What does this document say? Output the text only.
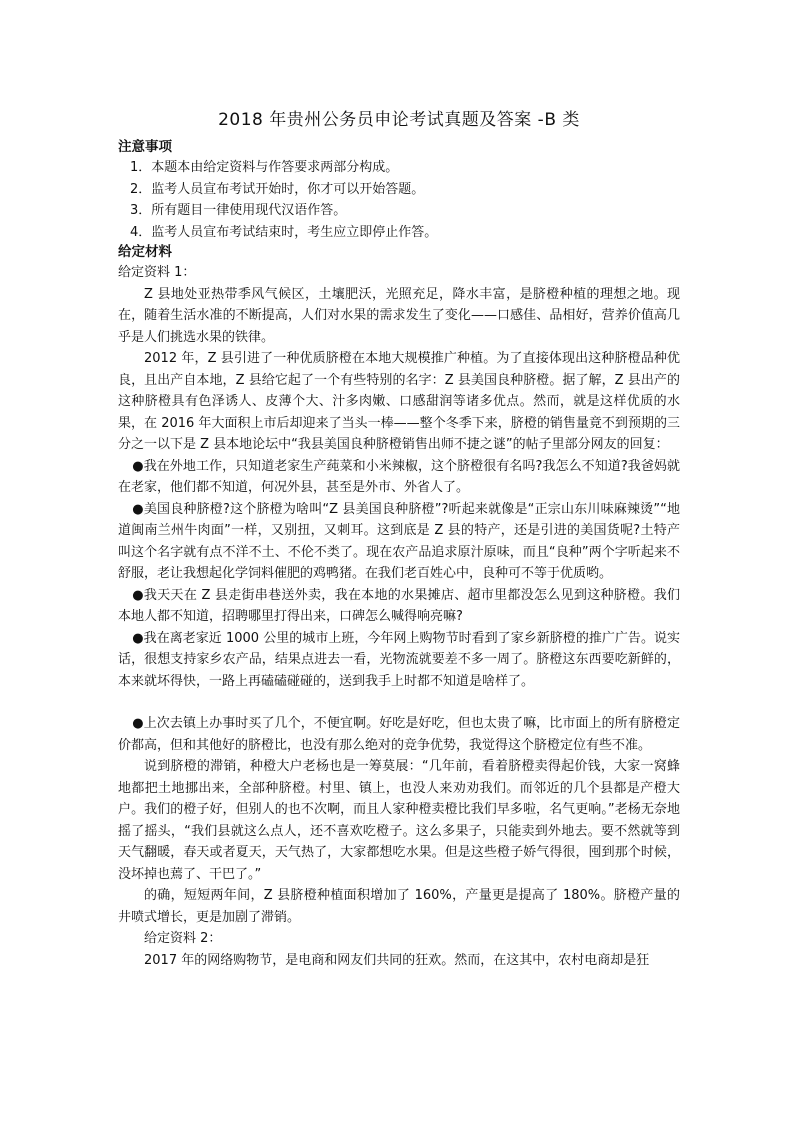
2018 年贵州公务员申论考试真题及答案 -B 类
注意事项
1．本题本由给定资料与作答要求两部分构成。
2．监考人员宣布考试开始时，你才可以开始答题。
3．所有题目一律使用现代汉语作答。
4．监考人员宣布考试结束时，考生应立即停止作答。
给定材料

给定资料 1：

Z 县地处亚热带季风气候区，土壤肥沃，光照充足，降水丰富，是脐橙种植的理想之地。现在，随着生活水准的不断提高，人们对水果的需求发生了变化——口感佳、品相好，营养价值高几乎是人们挑选水果的铁律。

2012 年，Z 县引进了一种优质脐橙在本地大规模推广种植。为了直接体现出这种脐橙品种优良，且出产自本地，Z 县给它起了一个有些特别的名字：Z 县美国良种脐橙。据了解，Z 县出产的这种脐橙具有色泽诱人、皮薄个大、汁多肉嫩、口感甜润等诸多优点。然而，就是这样优质的水果，在 2016 年大面积上市后却迎来了当头一棒——整个冬季下来，脐橙的销售量竟不到预期的三分之一以下是 Z 县本地论坛中“我县美国良种脐橙销售出师不捷之谜”的帖子里部分网友的回复：

●我在外地工作，只知道老家生产莼菜和小米辣椒，这个脐橙很有名吗?我怎么不知道?我爸妈就在老家，他们都不知道，何况外县，甚至是外市、外省人了。

●美国良种脐橙?这个脐橙为啥叫“Z 县美国良种脐橙”?听起来就像是“正宗山东川味麻辣烫”“地道闽南兰州牛肉面”一样，又别扭，又刺耳。这到底是 Z 县的特产，还是引进的美国货呢?土特产叫这个名字就有点不洋不土、不伦不类了。现在农产品追求原汁原味，而且“良种”两个字听起来不舒服，老让我想起化学饲料催肥的鸡鸭猪。在我们老百姓心中，良种可不等于优质哟。

●我天天在 Z 县走街串巷送外卖，我在本地的水果摊店、超市里都没怎么见到这种脐橙。我们本地人都不知道，招聘哪里打得出来，口碑怎么喊得响亮嘛?

●我在离老家近 1000 公里的城市上班，今年网上购物节时看到了家乡新脐橙的推广广告。说实话，很想支持家乡农产品，结果点进去一看，光物流就要差不多一周了。脐橙这东西要吃新鲜的，本来就坏得快，一路上再磕磕碰碰的，送到我手上时都不知道是啥样了。

●上次去镇上办事时买了几个，不便宜啊。好吃是好吃，但也太贵了嘛，比市面上的所有脐橙定价都高，但和其他好的脐橙比，也没有那么绝对的竞争优势，我觉得这个脐橙定位有些不准。

说到脐橙的滞销，种橙大户老杨也是一筹莫展：“几年前，看着脐橙卖得起价钱，大家一窝蜂地都把土地挪出来，全部种脐橙。村里、镇上，也没人来劝劝我们。而邻近的几个县都是产橙大户。我们的橙子好，但别人的也不次啊，而且人家种橙卖橙比我们早多啦，名气更响。”老杨无奈地摇了摇头，“我们县就这么点人，还不喜欢吃橙子。这么多果子，只能卖到外地去。要不然就等到天气翻暖，春天或者夏天，天气热了，大家都想吃水果。但是这些橙子娇气得很，囤到那个时候，没坏掉也蔫了、干巴了。”

的确，短短两年间，Z 县脐橙种植面积增加了 160%，产量更是提高了 180%。脐橙产量的井喷式增长，更是加剧了滞销。

给定资料 2：

2017 年的网络购物节，是电商和网友们共同的狂欢。然而，在这其中，农村电商却是狂
